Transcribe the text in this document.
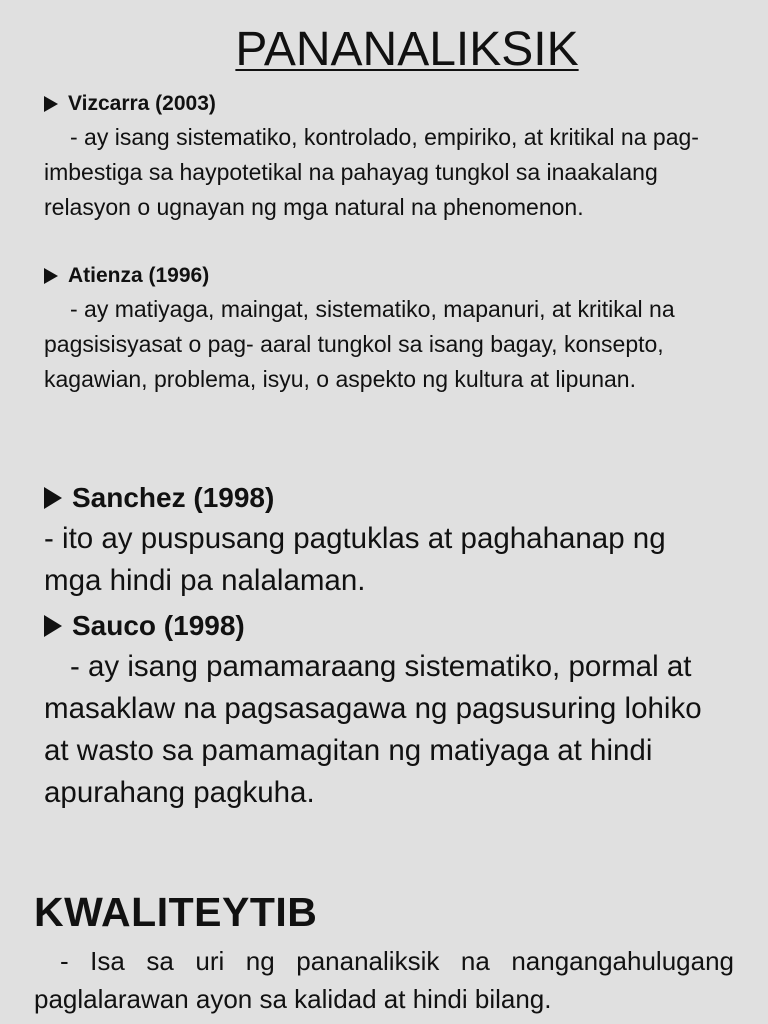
PANANALIKSIK

Vizcarra (2003)

- ay isang sistematiko, kontrolado, empiriko, at kritikal na pag- imbestiga sa haypotetikal na pahayag tungkol sa inaakalang relasyon o ugnayan ng mga natural na phenomenon.

Atienza (1996)

- ay matiyaga, maingat, sistematiko, mapanuri, at kritikal na pagsisisyasat o pag- aaral tungkol sa isang bagay, konsepto, kagawian, problema, isyu, o aspekto ng kultura at lipunan.

Sanchez (1998)

- ito ay puspusang pagtuklas at paghahanap ng mga hindi pa nalalaman.

Sauco (1998)

- ay isang pamamaraang sistematiko, pormal at masaklaw na pagsasagawa ng pagsusuring lohiko at wasto sa pamamagitan ng matiyaga at hindi apurahang pagkuha.

KWALITEYTIB

- Isa sa uri ng pananaliksik na nangangahulugang paglalarawan ayon sa kalidad at hindi bilang.
